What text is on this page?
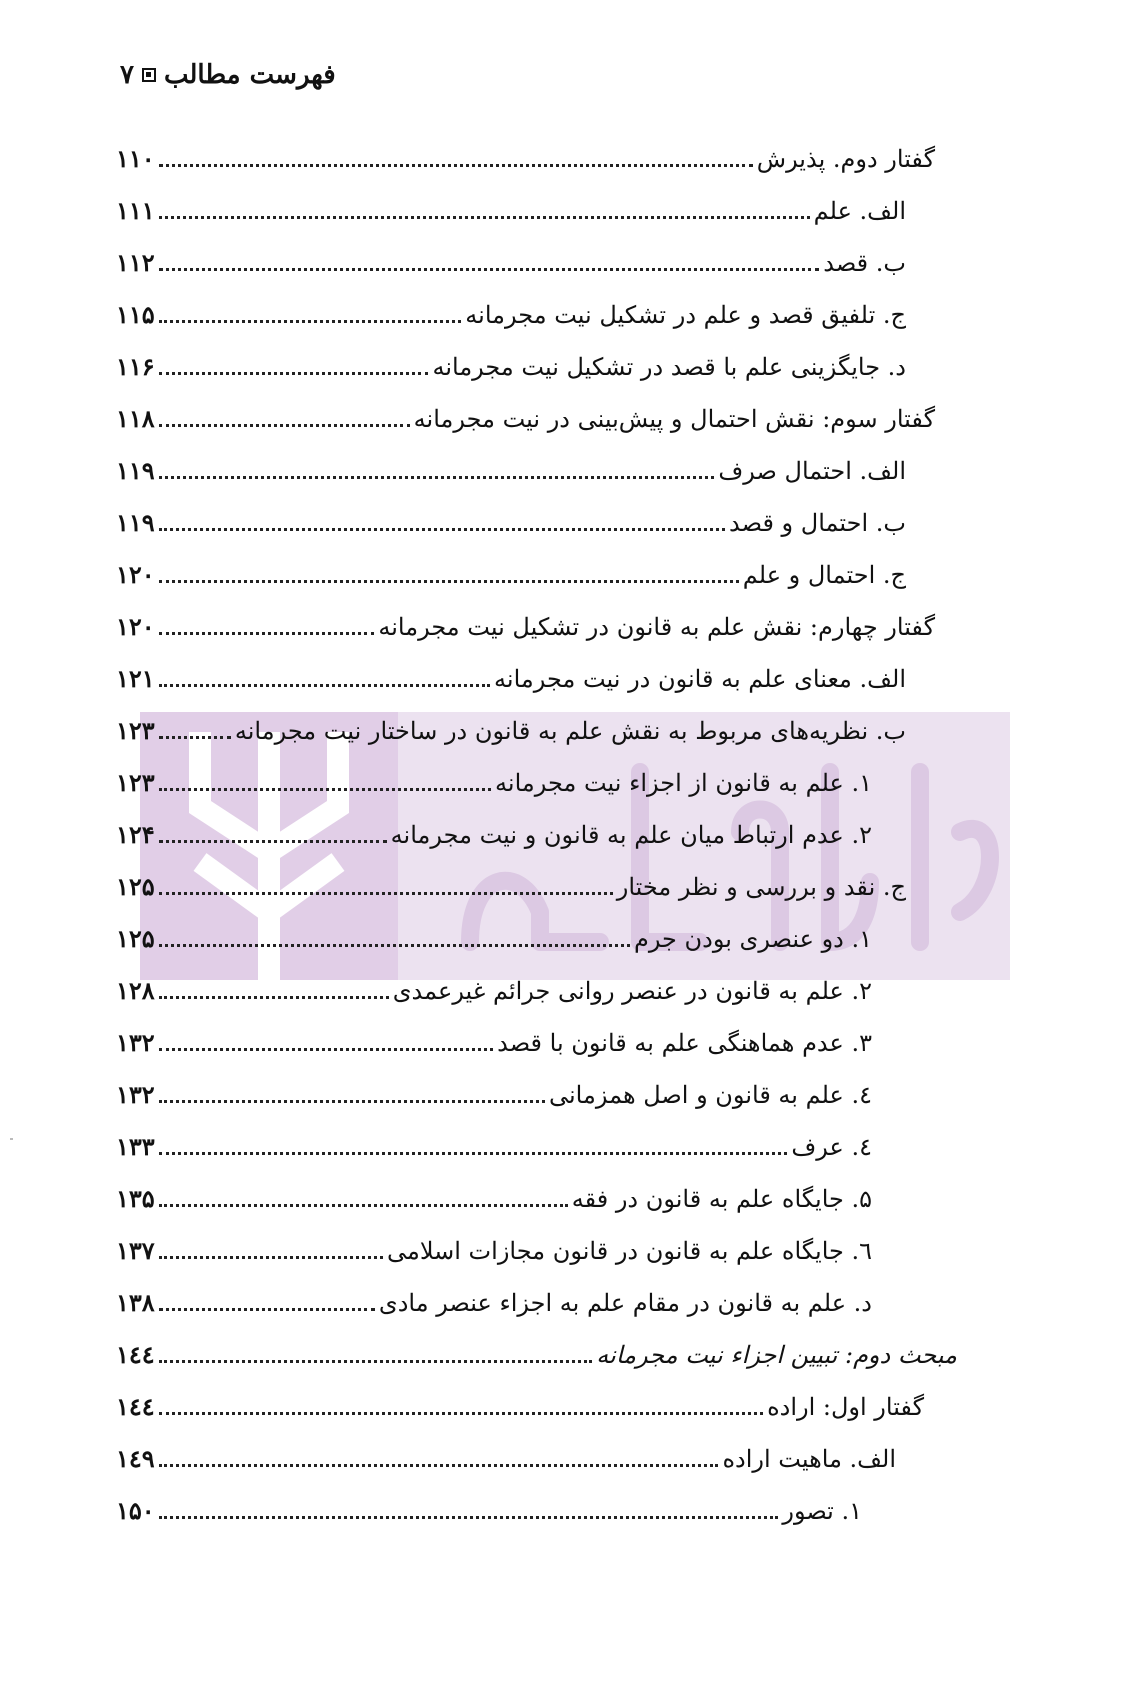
فهرست مطالب
۷
گفتار دوم. پذیرش
۱۱۰
الف. علم
۱۱۱
ب. قصد
۱۱۲
ج. تلفیق قصد و علم در تشکیل نیت مجرمانه
۱۱۵
د. جایگزینی علم با قصد در تشکیل نیت مجرمانه
۱۱۶
گفتار سوم: نقش احتمال و پیش‌بینی در نیت مجرمانه
۱۱۸
الف. احتمال صرف
۱۱۹
ب. احتمال و قصد
۱۱۹
ج. احتمال و علم
۱۲۰
گفتار چهارم: نقش علم به قانون در تشکیل نیت مجرمانه
۱۲۰
الف. معنای علم به قانون در نیت مجرمانه
۱۲۱
ب. نظریه‌های مربوط به نقش علم به قانون در ساختار نیت مجرمانه
۱۲۳
۱. علم به قانون از اجزاء نیت مجرمانه
۱۲۳
۲. عدم ارتباط میان علم به قانون و نیت مجرمانه
۱۲۴
ج. نقد و بررسی و نظر مختار
۱۲۵
۱. دو عنصری بودن جرم
۱۲۵
۲. علم به قانون در عنصر روانی جرائم غیرعمدی
۱۲۸
۳. عدم هماهنگی علم به قانون با قصد
۱۳۲
٤. علم به قانون و اصل همزمانی
۱۳۲
٤. عرف
۱۳۳
۵. جایگاه علم به قانون در فقه
۱۳۵
٦. جایگاه علم به قانون در قانون مجازات اسلامی
۱۳۷
د. علم به قانون در مقام علم به اجزاء عنصر مادی
۱۳۸
مبحث دوم: تبیین اجزاء نیت مجرمانه
۱٤٤
گفتار اول: اراده
۱٤٤
الف. ماهیت اراده
۱٤۹
۱. تصور
۱۵۰
